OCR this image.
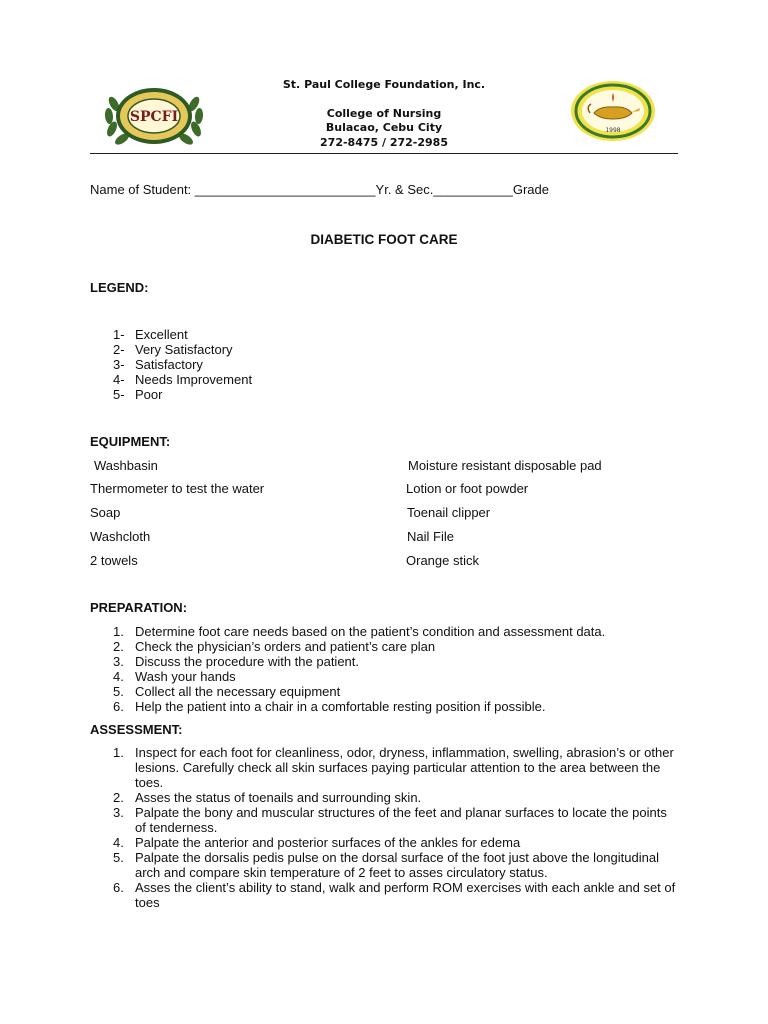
SPCFI
St. Paul College Foundation, Inc.
College of Nursing
Bulacao, Cebu City
272-8475 / 272-2985
1998
Name of Student: _________________________Yr. & Sec.___________Grade
DIABETIC FOOT CARE
LEGEND:
1- Excellent
2- Very Satisfactory
3- Satisfactory
4- Needs Improvement
5- Poor
EQUIPMENT:
Washbasin
Thermometer to test the water
Soap
Washcloth
2 towels
Moisture resistant disposable pad
Lotion or foot powder
Toenail clipper
Nail File
Orange stick
PREPARATION:
1. Determine foot care needs based on the patient’s condition and assessment data.
2. Check the physician’s orders and patient’s care plan
3. Discuss the procedure with the patient.
4. Wash your hands
5. Collect all the necessary equipment
6. Help the patient into a chair in a comfortable resting position if possible.
ASSESSMENT:
1. Inspect for each foot for cleanliness, odor, dryness, inflammation, swelling, abrasion’s or other lesions. Carefully check all skin surfaces paying particular attention to the area between the toes.
2. Asses the status of toenails and surrounding skin.
3. Palpate the bony and muscular structures of the feet and planar surfaces to locate the points of tenderness.
4. Palpate the anterior and posterior surfaces of the ankles for edema
5. Palpate the dorsalis pedis pulse on the dorsal surface of the foot just above the longitudinal arch and compare skin temperature of 2 feet to asses circulatory status.
6. Asses the client’s ability to stand, walk and perform ROM exercises with each ankle and set of toes
